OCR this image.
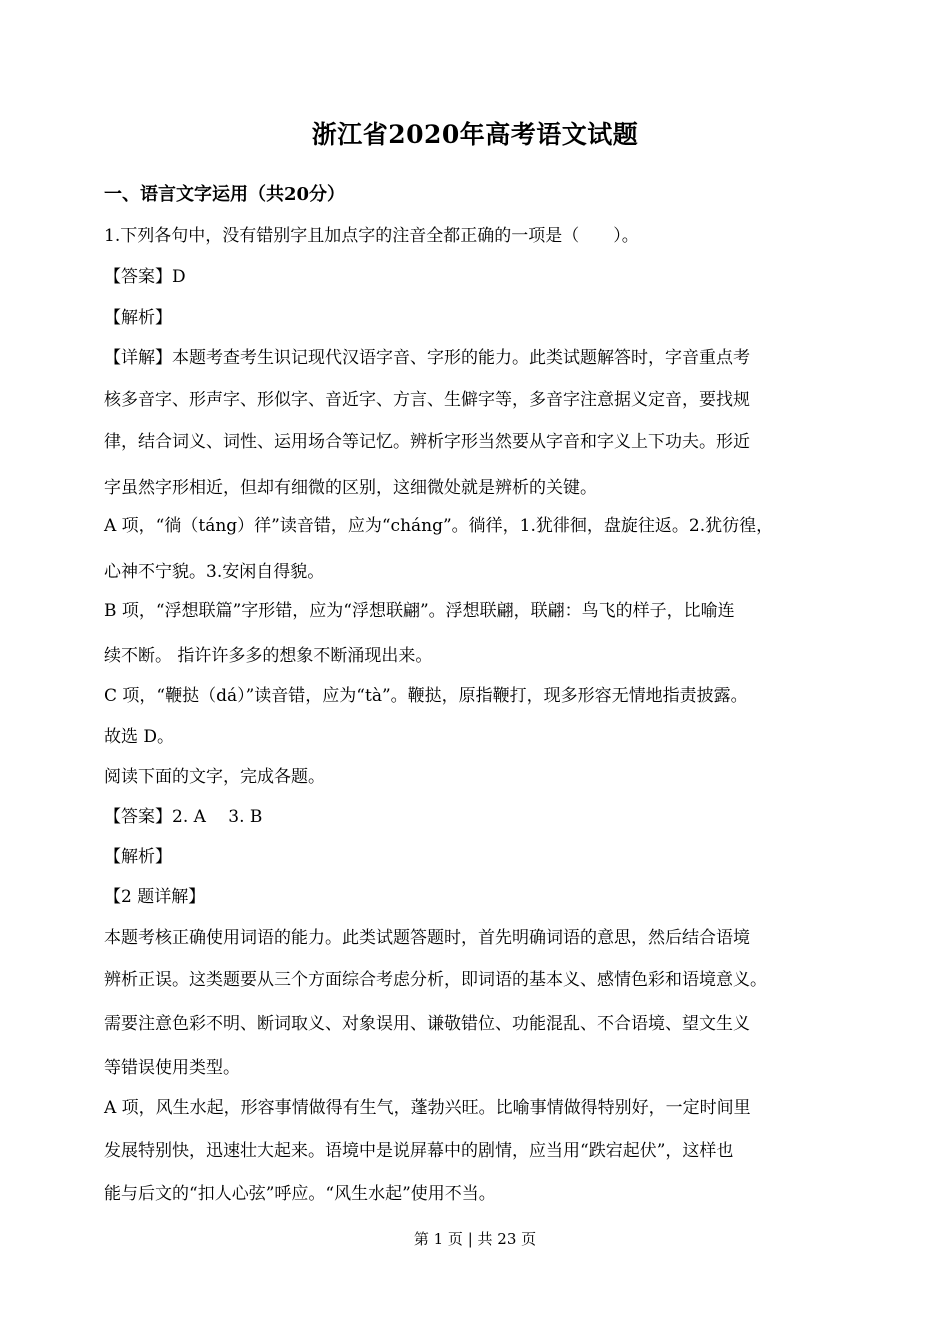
浙江省2020年高考语文试题
一、语言文字运用（共20分）
1.下列各句中，没有错别字且加点字的注音全都正确的一项是（　　）。
【答案】D
【解析】
【详解】本题考查考生识记现代汉语字音、字形的能力。此类试题解答时，字音重点考
核多音字、形声字、形似字、音近字、方言、生僻字等，多音字注意据义定音，要找规
律，结合词义、词性、运用场合等记忆。辨析字形当然要从字音和字义上下功夫。形近
字虽然字形相近，但却有细微的区别，这细微处就是辨析的关键。
A 项，“徜（táng）徉”读音错，应为“cháng”。徜徉，1.犹徘徊，盘旋往返。2.犹彷徨，
心神不宁貌。3.安闲自得貌。
B 项，“浮想联篇”字形错，应为“浮想联翩”。浮想联翩，联翩：鸟飞的样子，比喻连
续不断。 指许许多多的想象不断涌现出来。
C 项，“鞭挞（dá）”读音错，应为“tà”。鞭挞，原指鞭打，现多形容无情地指责披露。
故选 D。
阅读下面的文字，完成各题。
【答案】2. A　 3. B
【解析】
【2 题详解】
本题考核正确使用词语的能力。此类试题答题时，首先明确词语的意思，然后结合语境
辨析正误。这类题要从三个方面综合考虑分析，即词语的基本义、感情色彩和语境意义。
需要注意色彩不明、断词取义、对象误用、谦敬错位、功能混乱、不合语境、望文生义
等错误使用类型。
A 项，风生水起，形容事情做得有生气，蓬勃兴旺。比喻事情做得特别好，一定时间里
发展特别快，迅速壮大起来。语境中是说屏幕中的剧情，应当用“跌宕起伏”，这样也
能与后文的“扣人心弦”呼应。“风生水起”使用不当。
第 1 页 | 共 23 页
